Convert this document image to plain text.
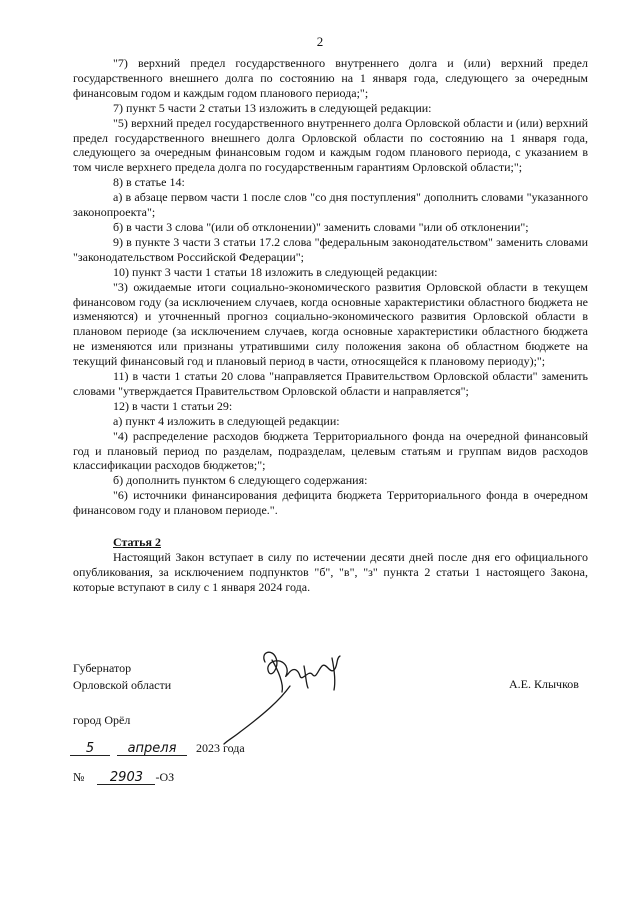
2

"7) верхний предел государственного внутреннего долга и (или) верхний предел государственного внешнего долга по состоянию на 1 января года, следующего за очередным финансовым годом и каждым годом планового периода;";

7) пункт 5 части 2 статьи 13 изложить в следующей редакции:

"5) верхний предел государственного внутреннего долга Орловской области и (или) верхний предел государственного внешнего долга Орловской области по состоянию на 1 января года, следующего за очередным финансовым годом и каждым годом планового периода, с указанием в том числе верхнего предела долга по государственным гарантиям Орловской области;";

8) в статье 14:

а) в абзаце первом части 1 после слов "со дня поступления" дополнить словами "указанного законопроекта";

б) в части 3 слова "(или об отклонении)" заменить словами "или об отклонении";

9) в пункте 3 части 3 статьи 17.2 слова "федеральным законодательством" заменить словами "законодательством Российской Федерации";

10) пункт 3 части 1 статьи 18 изложить в следующей редакции:

"3) ожидаемые итоги социально-экономического развития Орловской области в текущем финансовом году (за исключением случаев, когда основные характеристики областного бюджета не изменяются) и уточненный прогноз социально-экономического развития Орловской области в плановом периоде (за исключением случаев, когда основные характеристики областного бюджета не изменяются или признаны утратившими силу положения закона об областном бюджете на текущий финансовый год и плановый период в части, относящейся к плановому периоду);";

11) в части 1 статьи 20 слова "направляется Правительством Орловской области" заменить словами "утверждается Правительством Орловской области и направляется";

12) в части 1 статьи 29:

а) пункт 4 изложить в следующей редакции:

"4) распределение расходов бюджета Территориального фонда на очередной финансовый год и плановый период по разделам, подразделам, целевым статьям и группам видов расходов классификации расходов бюджетов;";

б) дополнить пунктом 6 следующего содержания:

"6) источники финансирования дефицита бюджета Территориального фонда в очередном финансовом году и плановом периоде.".

Статья 2

Настоящий Закон вступает в силу по истечении десяти дней после дня его официального опубликования, за исключением подпунктов "б", "в", "з" пункта 2 статьи 1 настоящего Закона, которые вступают в силу с 1 января 2024 года.

Губернатор
Орловской области	А.Е. Клычков
город Орёл
5	апреля 2023 года
№ 2903 -ОЗ
